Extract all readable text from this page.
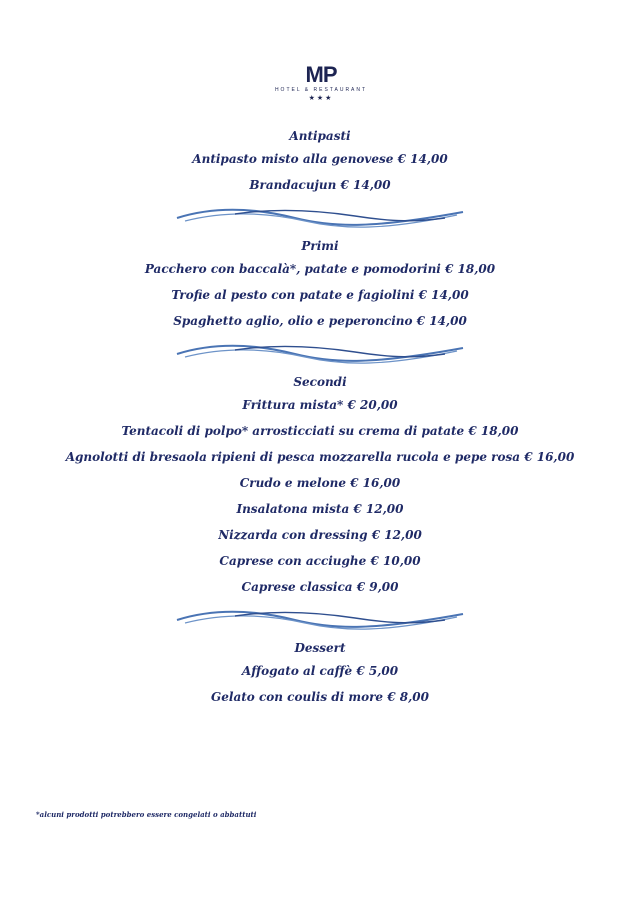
MP
HOTEL & RESTAURANT
★★★
Antipasti
Antipasto misto alla genovese € 14,00
Brandacujun € 14,00
Primi
Paccherо con baccalà*, patate e pomodorini € 18,00
Trofie al pesto con patate e fagiolini € 14,00
Spaghetto aglio, olio e peperoncino € 14,00
Secondi
Frittura mista* € 20,00
Tentacoli di polpo* arrosticciati su crema di patate € 18,00
Agnolotti di bresaola ripieni di pesca mozzarella rucola e pepe rosa € 16,00
Crudo e melone € 16,00
Insalatona mista € 12,00
Nizzarda con dressing € 12,00
Caprese con acciughe € 10,00
Caprese classica € 9,00
Dessert
Affogato al caffè € 5,00
Gelato con coulis di more € 8,00
*alcuni prodotti potrebbero essere congelati o abbattuti
